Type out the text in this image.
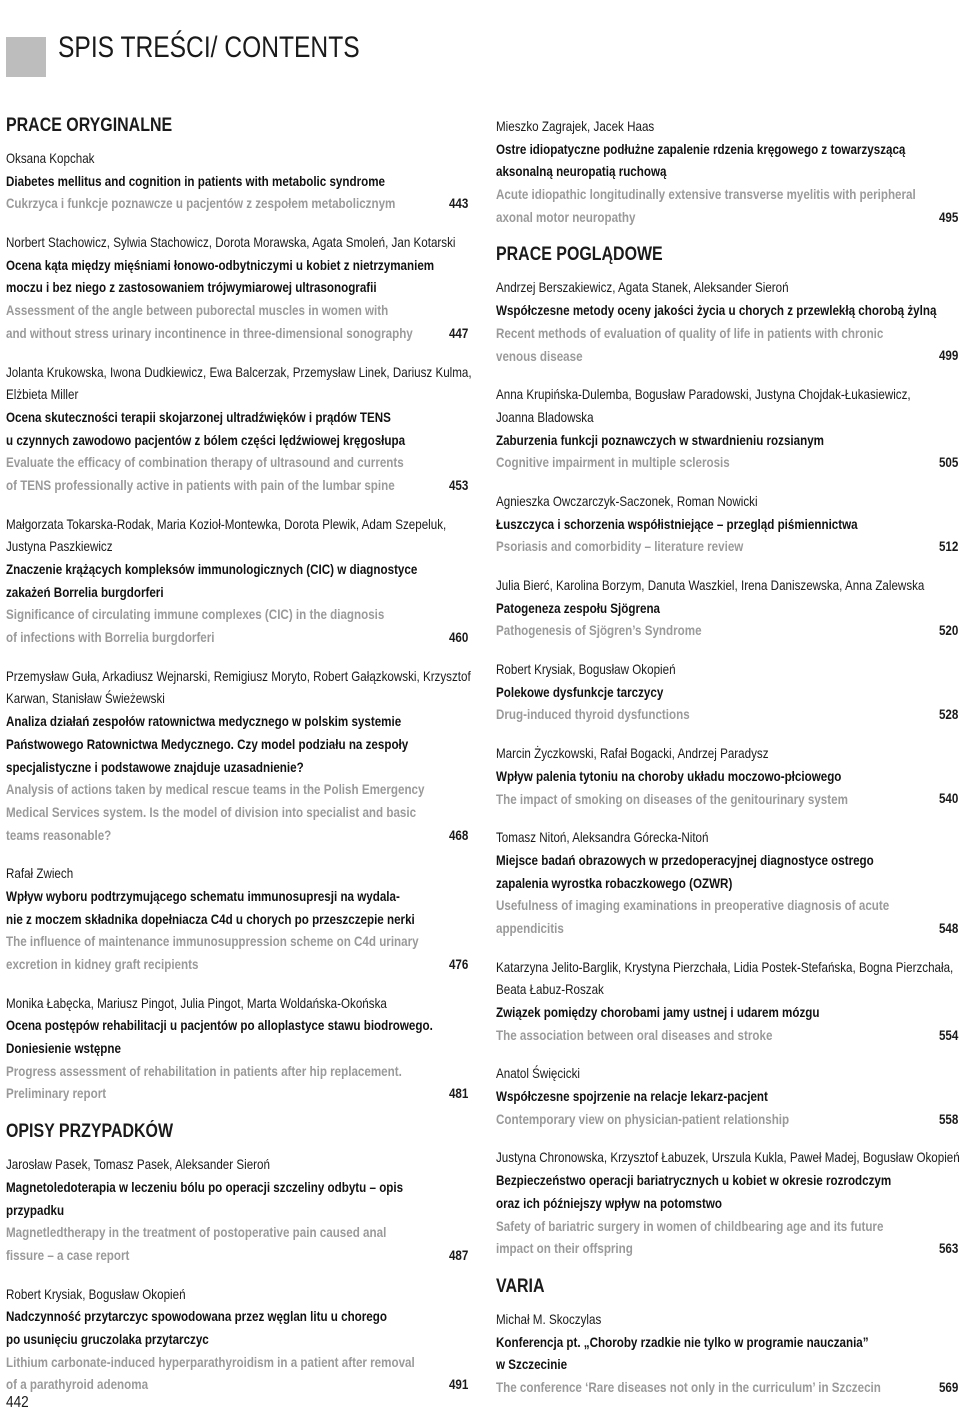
SPIS TREŚCI/ CONTENTS
PRACE ORYGINALNE
Oksana Kopchak
Diabetes mellitus and cognition in patients with metabolic syndrome
Cukrzyca i funkcje poznawcze u pacjentów z zespołem metabolicznym	443
Norbert Stachowicz, Sylwia Stachowicz, Dorota Morawska, Agata Smoleń, Jan Kotarski
Ocena kąta między mięśniami łonowo-odbytniczymi u kobiet z nietrzymaniem
moczu i bez niego z zastosowaniem trójwymiarowej ultrasonografii
Assessment of the angle between puborectal muscles in women with
and without stress urinary incontinence in three-dimensional sonography	447
Jolanta Krukowska, Iwona Dudkiewicz, Ewa Balcerzak, Przemysław Linek, Dariusz Kulma,
Elżbieta Miller
Ocena skuteczności terapii skojarzonej ultradźwięków i prądów TENS
u czynnych zawodowo pacjentów z bólem części lędźwiowej kręgosłupa
Evaluate the efficacy of combination therapy of ultrasound and currents
of TENS professionally active in patients with pain of the lumbar spine	453
Małgorzata Tokarska-Rodak, Maria Kozioł-Montewka, Dorota Plewik, Adam Szepeluk,
Justyna Paszkiewicz
Znaczenie krążących kompleksów immunologicznych (CIC) w diagnostyce
zakażeń Borrelia burgdorferi
Significance of circulating immune complexes (CIC) in the diagnosis
of infections with Borrelia burgdorferi	460
Przemysław Guła, Arkadiusz Wejnarski, Remigiusz Moryto, Robert Gałązkowski, Krzysztof
Karwan, Stanisław Świeżewski
Analiza działań zespołów ratownictwa medycznego w polskim systemie
Państwowego Ratownictwa Medycznego. Czy model podziału na zespoły
specjalistyczne i podstawowe znajduje uzasadnienie?
Analysis of actions taken by medical rescue teams in the Polish Emergency
Medical Services system. Is the model of division into specialist and basic
teams reasonable?	468
Rafał Zwiech
Wpływ wyboru podtrzymującego schematu immunosupresji na wydala-
nie z moczem składnika dopełniacza C4d u chorych po przeszczepie nerki
The influence of maintenance immunosuppression scheme on C4d urinary
excretion in kidney graft recipients	476
Monika Łabęcka, Mariusz Pingot, Julia Pingot, Marta Woldańska-Okońska
Ocena postępów rehabilitacji u pacjentów po alloplastyce stawu biodrowego.
Doniesienie wstępne
Progress assessment of rehabilitation in patients after hip replacement.
Preliminary report	481
OPISY PRZYPADKÓW
Jarosław Pasek, Tomasz Pasek, Aleksander Sieroń
Magnetoledoterapia w leczeniu bólu po operacji szczeliny odbytu – opis
przypadku
Magnetledtherapy in the treatment of postoperative pain caused anal
fissure – a case report	487
Robert Krysiak, Bogusław Okopień
Nadczynność przytarczyc spowodowana przez węglan litu u chorego
po usunięciu gruczolaka przytarczyc
Lithium carbonate-induced hyperparathyroidism in a patient after removal
of a parathyroid adenoma	491
Mieszko Zagrajek, Jacek Haas
Ostre idiopatyczne podłużne zapalenie rdzenia kręgowego z towarzyszącą
aksonalną neuropatią ruchową
Acute idiopathic longitudinally extensive transverse myelitis with peripheral
axonal motor neuropathy	495
PRACE POGLĄDOWE
Andrzej Berszakiewicz, Agata Stanek, Aleksander Sieroń
Współczesne metody oceny jakości życia u chorych z przewlekłą chorobą żylną
Recent methods of evaluation of quality of life in patients with chronic
venous disease	499
Anna Krupińska-Dulemba, Bogusław Paradowski, Justyna Chojdak-Łukasiewicz,
Joanna Bladowska
Zaburzenia funkcji poznawczych w stwardnieniu rozsianym
Cognitive impairment in multiple sclerosis	505
Agnieszka Owczarczyk-Saczonek, Roman Nowicki
Łuszczyca i schorzenia współistniejące – przegląd piśmiennictwa
Psoriasis and comorbidity – literature review	512
Julia Bierć, Karolina Borzym, Danuta Waszkiel, Irena Daniszewska, Anna Zalewska
Patogeneza zespołu Sjögrena
Pathogenesis of Sjögren’s Syndrome	520
Robert Krysiak, Bogusław Okopień
Polekowe dysfunkcje tarczycy
Drug-induced thyroid dysfunctions	528
Marcin Życzkowski, Rafał Bogacki, Andrzej Paradysz
Wpływ palenia tytoniu na choroby układu moczowo-płciowego
The impact of smoking on diseases of the genitourinary system	540
Tomasz Nitoń, Aleksandra Górecka-Nitoń
Miejsce badań obrazowych w przedoperacyjnej diagnostyce ostrego
zapalenia wyrostka robaczkowego (OZWR)
Usefulness of imaging examinations in preoperative diagnosis of acute
appendicitis	548
Katarzyna Jelito-Barglik, Krystyna Pierzchała, Lidia Postek-Stefańska, Bogna Pierzchała,
Beata Łabuz-Roszak
Związek pomiędzy chorobami jamy ustnej i udarem mózgu
The association between oral diseases and stroke	554
Anatol Święcicki
Współczesne spojrzenie na relacje lekarz-pacjent
Contemporary view on physician-patient relationship	558
Justyna Chronowska, Krzysztof Łabuzek, Urszula Kukla, Paweł Madej, Bogusław Okopień
Bezpieczeństwo operacji bariatrycznych u kobiet w okresie rozrodczym
oraz ich późniejszy wpływ na potomstwo
Safety of bariatric surgery in women of childbearing age and its future
impact on their offspring	563
VARIA
Michał M. Skoczylas
Konferencja pt. „Choroby rzadkie nie tylko w programie nauczania”
w Szczecinie
The conference ‘Rare diseases not only in the curriculum’ in Szczecin	569
442
